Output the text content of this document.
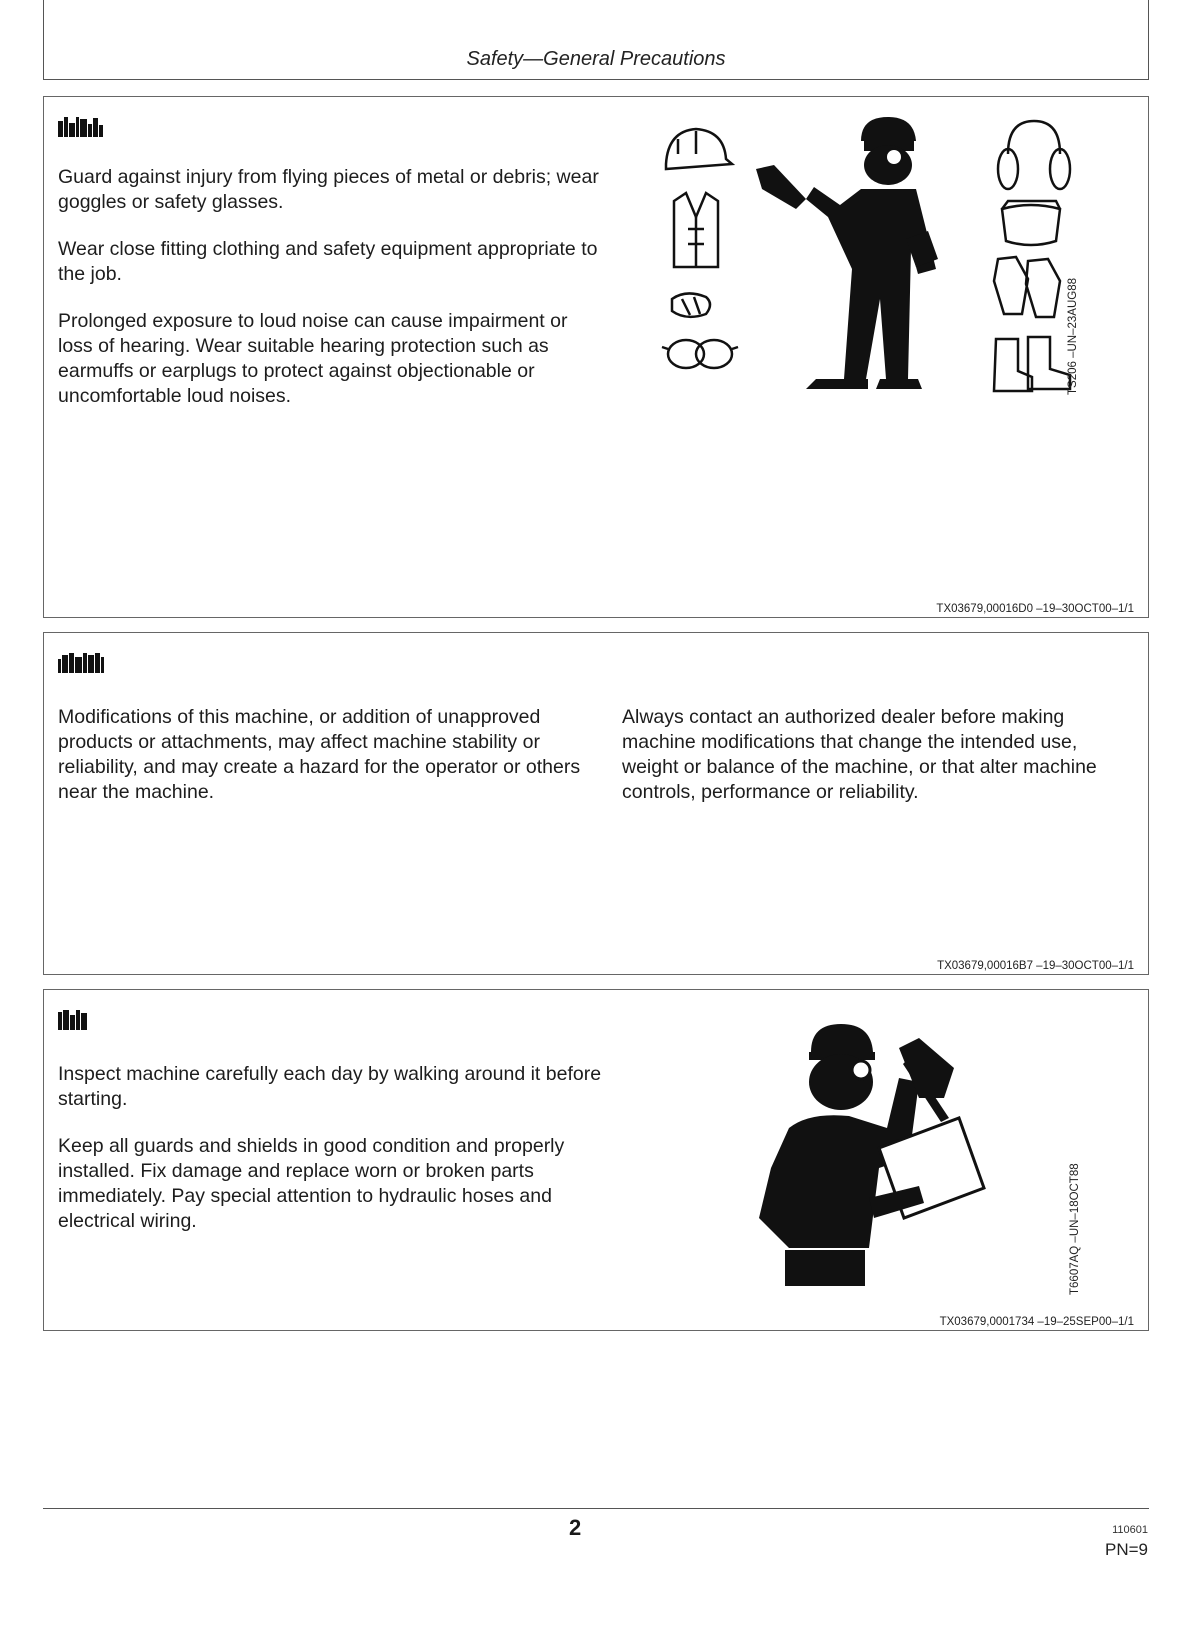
Safety—General Precautions

Guard against injury from flying pieces of metal or debris; wear goggles or safety glasses.

Wear close fitting clothing and safety equipment appropriate to the job.

Prolonged exposure to loud noise can cause impairment or loss of hearing. Wear suitable hearing protection such as earmuffs or earplugs to protect against objectionable or uncomfortable loud noises.

TS206 –UN–23AUG88
TX03679,00016D0 –19–30OCT00–1/1

Modifications of this machine, or addition of unapproved products or attachments, may affect machine stability or reliability, and may create a hazard for the operator or others near the machine.

Always contact an authorized dealer before making machine modifications that change the intended use, weight or balance of the machine, or that alter machine controls, performance or reliability.

TX03679,00016B7 –19–30OCT00–1/1

Inspect machine carefully each day by walking around it before starting.

Keep all guards and shields in good condition and properly installed. Fix damage and replace worn or broken parts immediately. Pay special attention to hydraulic hoses and electrical wiring.	T6607AQ –UN–18OCT88
TX03679,0001734 –19–25SEP00–1/1
2	110601
PN=9
